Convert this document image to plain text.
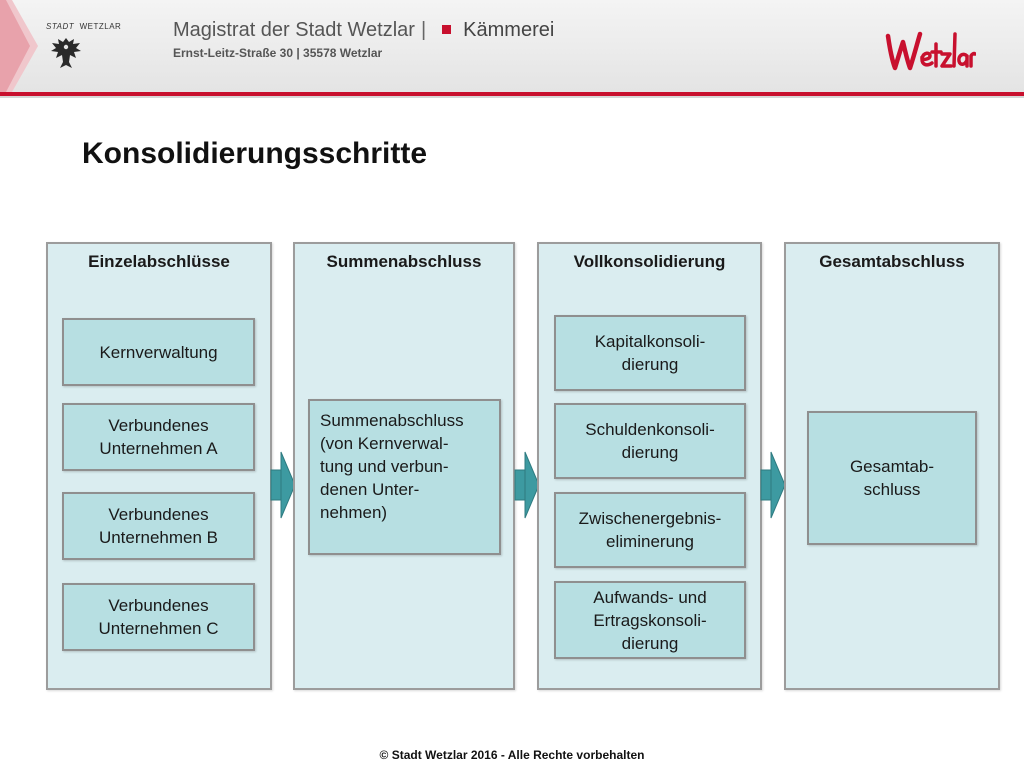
STADT WETZLAR	Magistrat der Stadt Wetzlar | Kämmerei
Ernst-Leitz-Straße 30 | 35578 Wetzlar
Konsolidierungsschritte
Einzelabschlüsse
Kernverwaltung
Verbundenes
Unternehmen A
Verbundenes
Unternehmen B
Verbundenes
Unternehmen C
Summenabschluss
Summenabschluss
(von Kernverwal-
tung und verbun-
denen Unter-
nehmen)
Vollkonsolidierung
Kapitalkonsoli-
dierung
Schuldenkonsoli-
dierung
Zwischenergebnis-
eliminerung
Aufwands- und
Ertragskonsoli-
dierung
Gesamtabschluss
Gesamtab-
schluss
© Stadt Wetzlar 2016 - Alle Rechte vorbehalten
